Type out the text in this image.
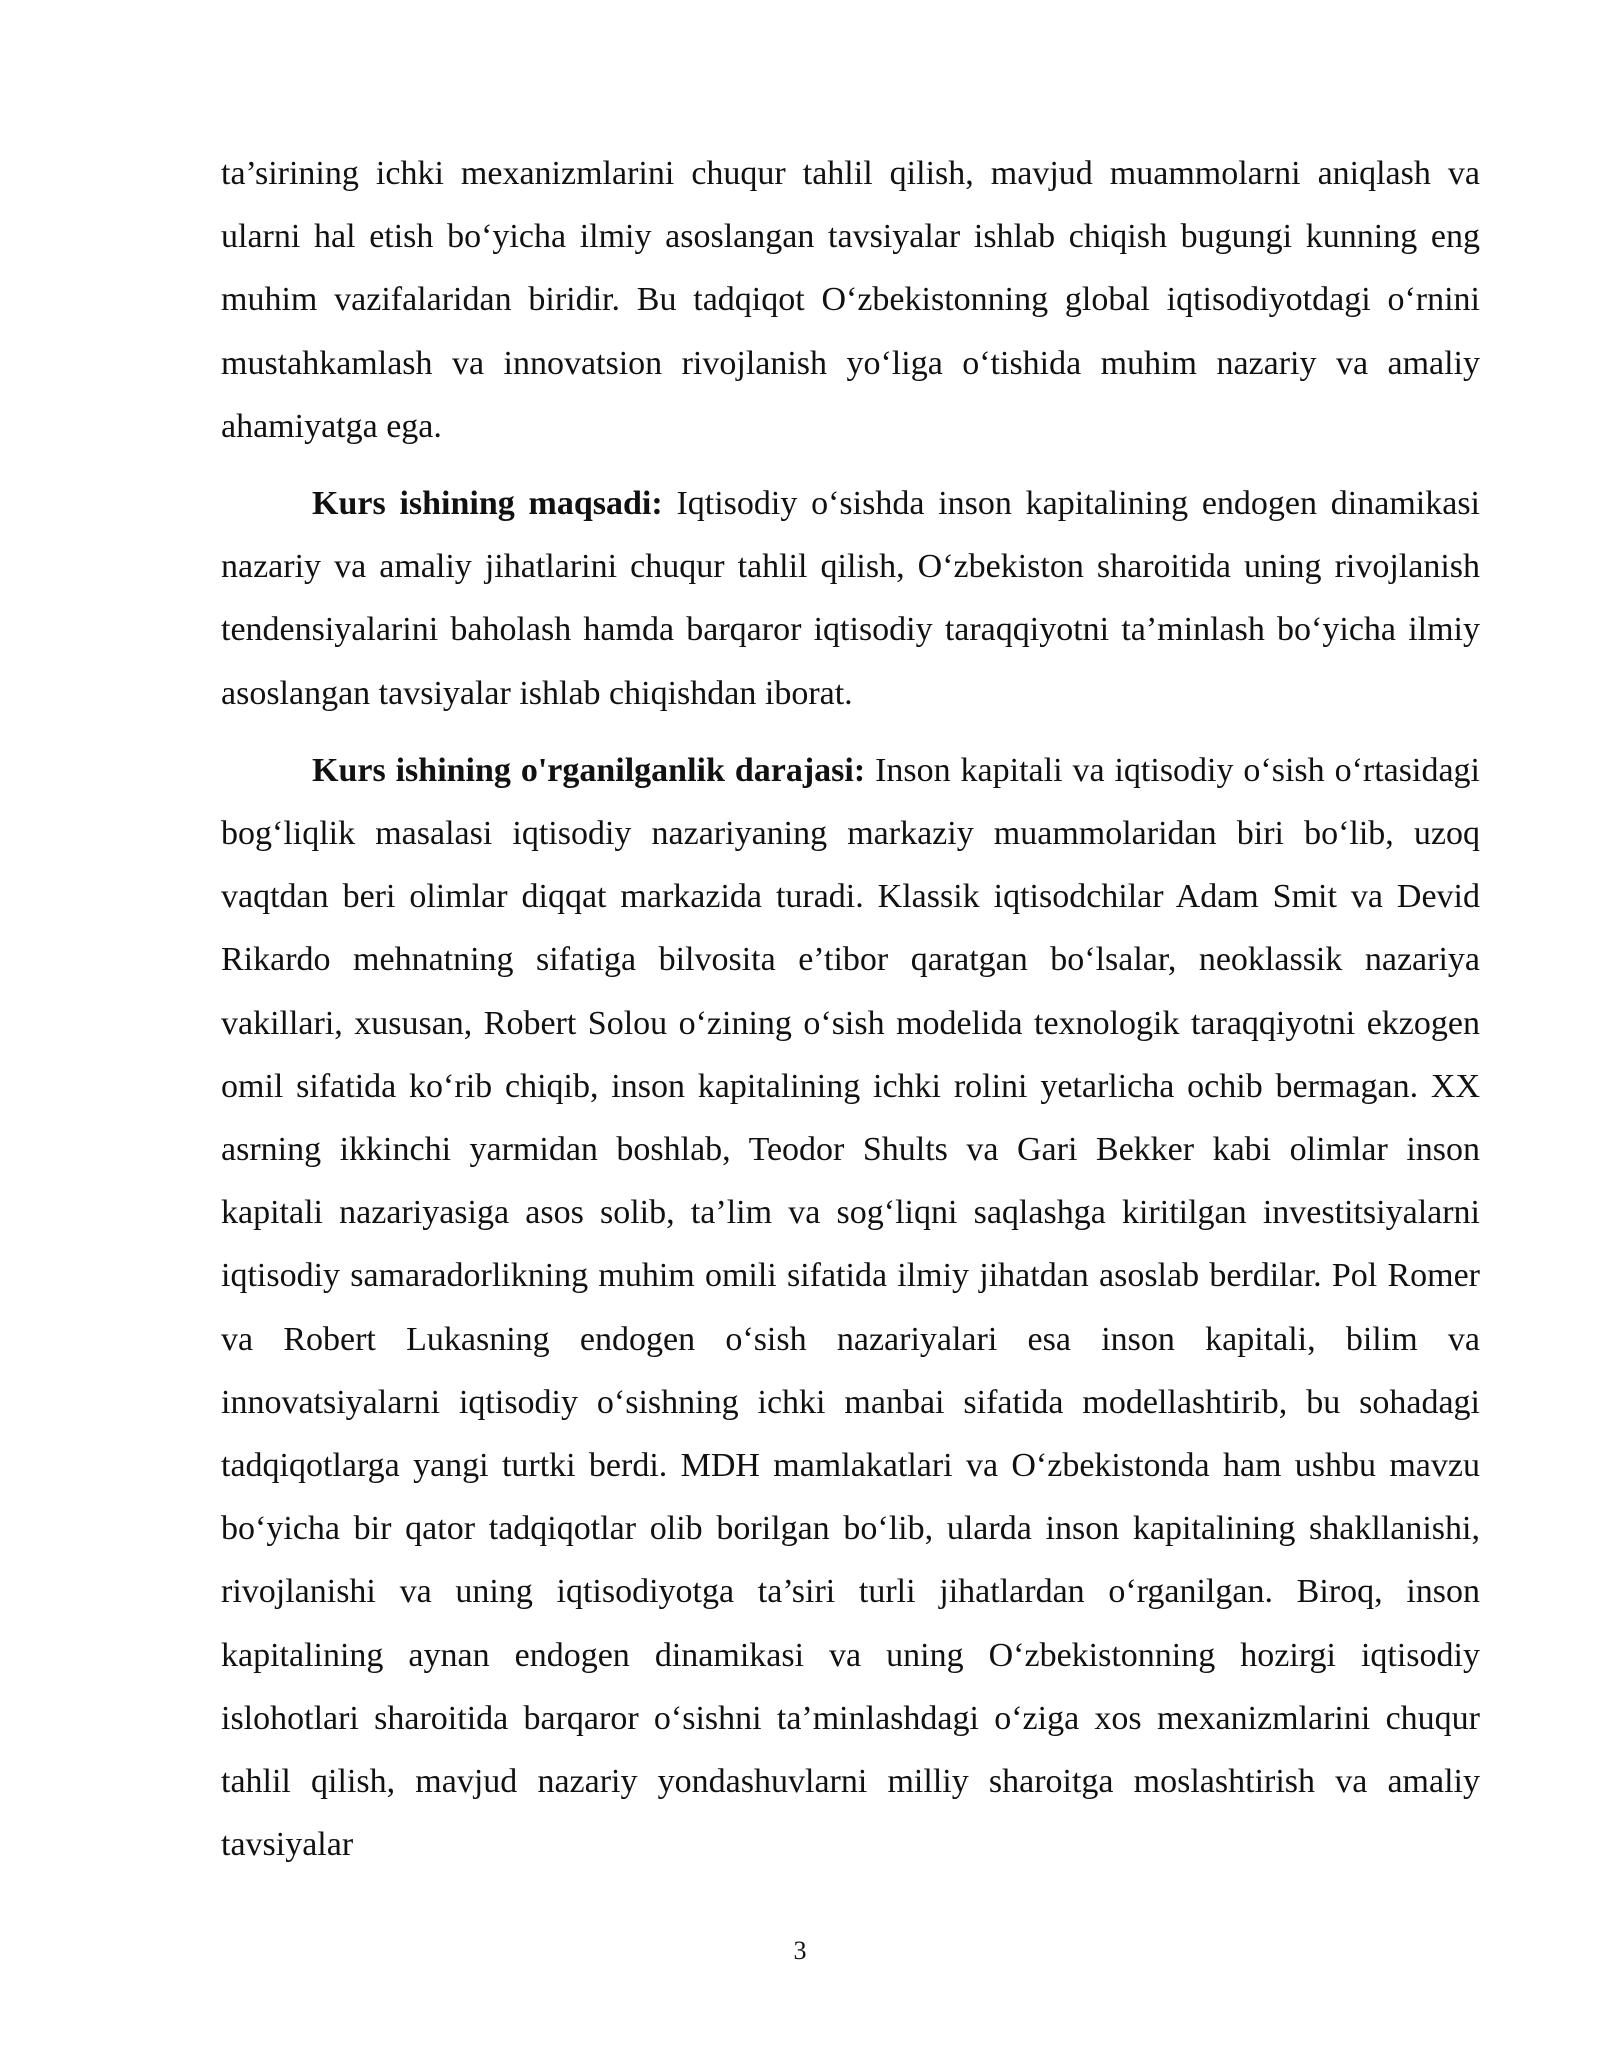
ta’sirining ichki mexanizmlarini chuqur tahlil qilish, mavjud muammolarni aniqlash va ularni hal etish bo‘yicha ilmiy asoslangan tavsiyalar ishlab chiqish bugungi kunning eng muhim vazifalaridan biridir. Bu tadqiqot O‘zbekistonning global iqtisodiyotdagi o‘rnini mustahkamlash va innovatsion rivojlanish yo‘liga o‘tishida muhim nazariy va amaliy ahamiyatga ega.

Kurs ishining maqsadi: Iqtisodiy o‘sishda inson kapitalining endogen dinamikasi nazariy va amaliy jihatlarini chuqur tahlil qilish, O‘zbekiston sharoitida uning rivojlanish tendensiyalarini baholash hamda barqaror iqtisodiy taraqqiyotni ta’minlash bo‘yicha ilmiy asoslangan tavsiyalar ishlab chiqishdan iborat.

Kurs ishining o'rganilganlik darajasi: Inson kapitali va iqtisodiy o‘sish o‘rtasidagi bog‘liqlik masalasi iqtisodiy nazariyaning markaziy muammolaridan biri bo‘lib, uzoq vaqtdan beri olimlar diqqat markazida turadi. Klassik iqtisodchilar Adam Smit va Devid Rikardo mehnatning sifatiga bilvosita e’tibor qaratgan bo‘lsalar, neoklassik nazariya vakillari, xususan, Robert Solou o‘zining o‘sish modelida texnologik taraqqiyotni ekzogen omil sifatida ko‘rib chiqib, inson kapitalining ichki rolini yetarlicha ochib bermagan. XX asrning ikkinchi yarmidan boshlab, Teodor Shults va Gari Bekker kabi olimlar inson kapitali nazariyasiga asos solib, ta’lim va sog‘liqni saqlashga kiritilgan investitsiyalarni iqtisodiy samaradorlikning muhim omili sifatida ilmiy jihatdan asoslab berdilar. Pol Romer va Robert Lukasning endogen o‘sish nazariyalari esa inson kapitali, bilim va innovatsiyalarni iqtisodiy o‘sishning ichki manbai sifatida modellashtirib, bu sohadagi tadqiqotlarga yangi turtki berdi. MDH mamlakatlari va O‘zbekistonda ham ushbu mavzu bo‘yicha bir qator tadqiqotlar olib borilgan bo‘lib, ularda inson kapitalining shakllanishi, rivojlanishi va uning iqtisodiyotga ta’siri turli jihatlardan o‘rganilgan. Biroq, inson kapitalining aynan endogen dinamikasi va uning O‘zbekistonning hozirgi iqtisodiy islohotlari sharoitida barqaror o‘sishni ta’minlashdagi o‘ziga xos mexanizmlarini chuqur tahlil qilish, mavjud nazariy yondashuvlarni milliy sharoitga moslashtirish va amaliy tavsiyalar

3
